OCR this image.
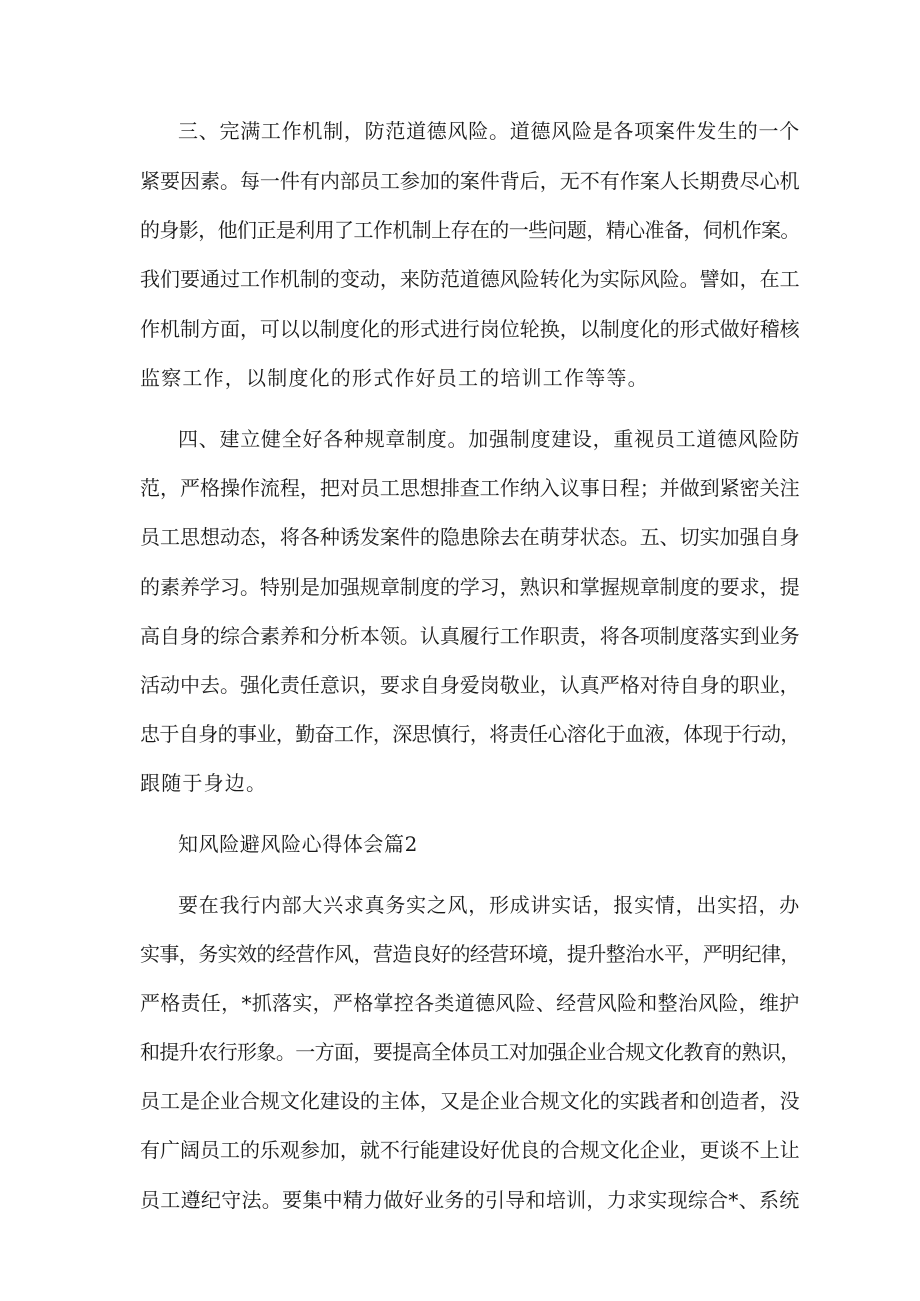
三、完满工作机制，防范道德风险。道德风险是各项案件发生的一个
紧要因素。每一件有内部员工参加的案件背后，无不有作案人长期费尽心机
的身影，他们正是利用了工作机制上存在的一些问题，精心准备，伺机作案。
我们要通过工作机制的变动，来防范道德风险转化为实际风险。譬如，在工
作机制方面，可以以制度化的形式进行岗位轮换，以制度化的形式做好稽核
监察工作，以制度化的形式作好员工的培训工作等等。
四、建立健全好各种规章制度。加强制度建设，重视员工道德风险防
范，严格操作流程，把对员工思想排查工作纳入议事日程；并做到紧密关注
员工思想动态，将各种诱发案件的隐患除去在萌芽状态。五、切实加强自身
的素养学习。特别是加强规章制度的学习，熟识和掌握规章制度的要求，提
高自身的综合素养和分析本领。认真履行工作职责，将各项制度落实到业务
活动中去。强化责任意识，要求自身爱岗敬业，认真严格对待自身的职业，
忠于自身的事业，勤奋工作，深思慎行，将责任心溶化于血液，体现于行动，
跟随于身边。
知风险避风险心得体会篇2
要在我行内部大兴求真务实之风，形成讲实话，报实情，出实招，办
实事，务实效的经营作风，营造良好的经营环境，提升整治水平，严明纪律，
严格责任，*抓落实，严格掌控各类道德风险、经营风险和整治风险，维护
和提升农行形象。一方面，要提高全体员工对加强企业合规文化教育的熟识，
员工是企业合规文化建设的主体，又是企业合规文化的实践者和创造者，没
有广阔员工的乐观参加，就不行能建设好优良的合规文化企业，更谈不上让
员工遵纪守法。要集中精力做好业务的引导和培训，力求实现综合*、系统
